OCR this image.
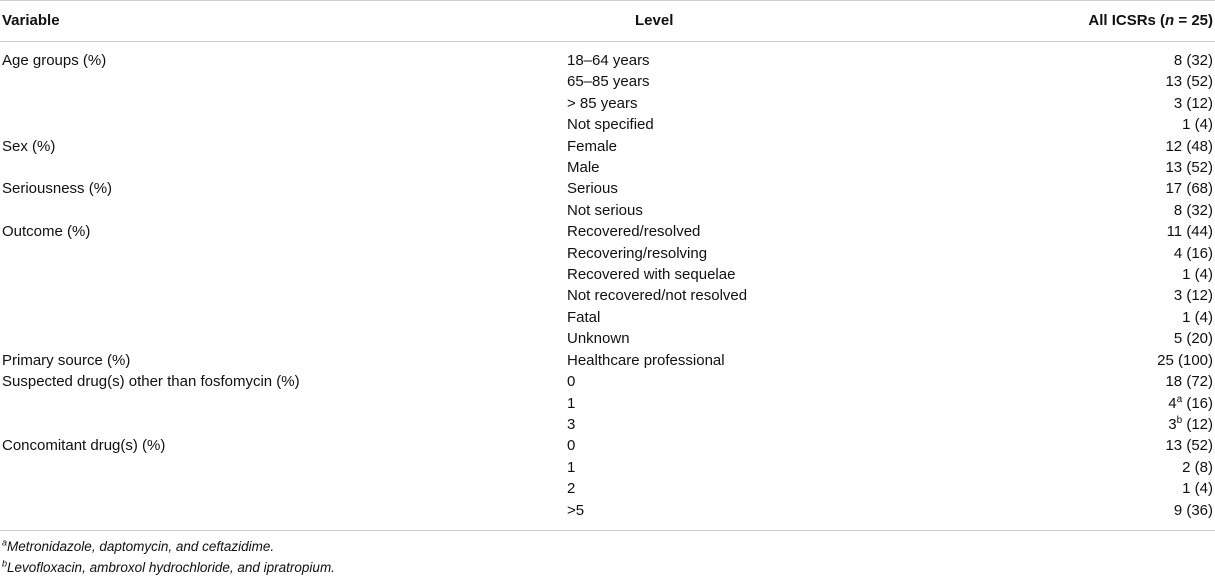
Variable	Level	All ICSRs (n = 25)
Age groups (%)	18–64 years	8 (32)
	65–85 years	13 (52)
	> 85 years	3 (12)
	Not specified	1 (4)
Sex (%)	Female	12 (48)
	Male	13 (52)
Seriousness (%)	Serious	17 (68)
	Not serious	8 (32)
Outcome (%)	Recovered/resolved	11 (44)
	Recovering/resolving	4 (16)
	Recovered with sequelae	1 (4)
	Not recovered/not resolved	3 (12)
	Fatal	1 (4)
	Unknown	5 (20)
Primary source (%)	Healthcare professional	25 (100)
Suspected drug(s) other than fosfomycin (%)	0	18 (72)
	1	4$^a$ (16)
	3	3$^b$ (12)
Concomitant drug(s) (%)	0	13 (52)
	1	2 (8)
	2	1 (4)
	>5	9 (36)

$^a$Metronidazole, daptomycin, and ceftazidime.
$^b$Levofloxacin, ambroxol hydrochloride, and ipratropium.
